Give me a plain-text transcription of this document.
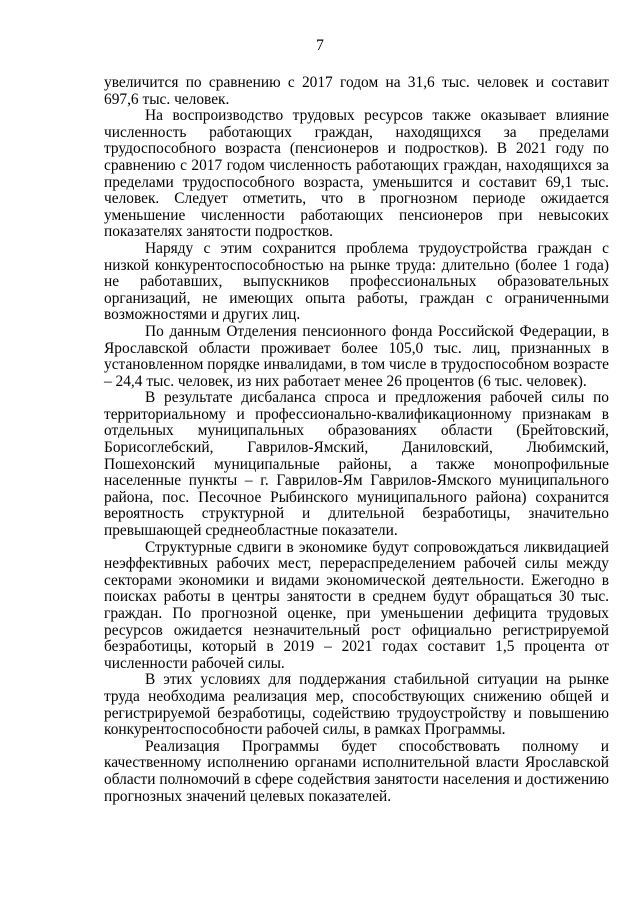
7

увеличится по сравнению с 2017 годом на 31,6 тыс. человек и составит 697,6 тыс. человек.

На воспроизводство трудовых ресурсов также оказывает влияние численность работающих граждан, находящихся за пределами трудоспособного возраста (пенсионеров и подростков). В 2021 году по сравнению с 2017 годом численность работающих граждан, находящихся за пределами трудоспособного возраста, уменьшится и составит 69,1 тыс. человек. Следует отметить, что в прогнозном периоде ожидается уменьшение численности работающих пенсионеров при невысоких показателях занятости подростков.

Наряду с этим сохранится проблема трудоустройства граждан с низкой конкурентоспособностью на рынке труда: длительно (более 1 года) не работавших, выпускников профессиональных образовательных организаций, не имеющих опыта работы, граждан с ограниченными возможностями и других лиц.

По данным Отделения пенсионного фонда Российской Федерации, в Ярославской области проживает более 105,0 тыс. лиц, признанных в установленном порядке инвалидами, в том числе в трудоспособном возрасте – 24,4 тыс. человек, из них работает менее 26 процентов (6 тыс. человек).

В результате дисбаланса спроса и предложения рабочей силы по территориальному и профессионально-квалификационному признакам в отдельных муниципальных образованиях области (Брейтовский, Борисоглебский, Гаврилов-Ямский, Даниловский, Любимский, Пошехонский муниципальные районы, а также монопрофильные населенные пункты – г. Гаврилов-Ям Гаврилов-Ямского муниципального района, пос. Песочное Рыбинского муниципального района) сохранится вероятность структурной и длительной безработицы, значительно превышающей среднеобластные показатели.

Структурные сдвиги в экономике будут сопровождаться ликвидацией неэффективных рабочих мест, перераспределением рабочей силы между секторами экономики и видами экономической деятельности. Ежегодно в поисках работы в центры занятости в среднем будут обращаться 30 тыс. граждан. По прогнозной оценке, при уменьшении дефицита трудовых ресурсов ожидается незначительный рост официально регистрируемой безработицы, который в 2019 – 2021 годах составит 1,5 процента от численности рабочей силы.

В этих условиях для поддержания стабильной ситуации на рынке труда необходима реализация мер, способствующих снижению общей и регистрируемой безработицы, содействию трудоустройству и повышению конкурентоспособности рабочей силы, в рамках Программы.

Реализация Программы будет способствовать полному и качественному исполнению органами исполнительной власти Ярославской области полномочий в сфере содействия занятости населения и достижению прогнозных значений целевых показателей.
